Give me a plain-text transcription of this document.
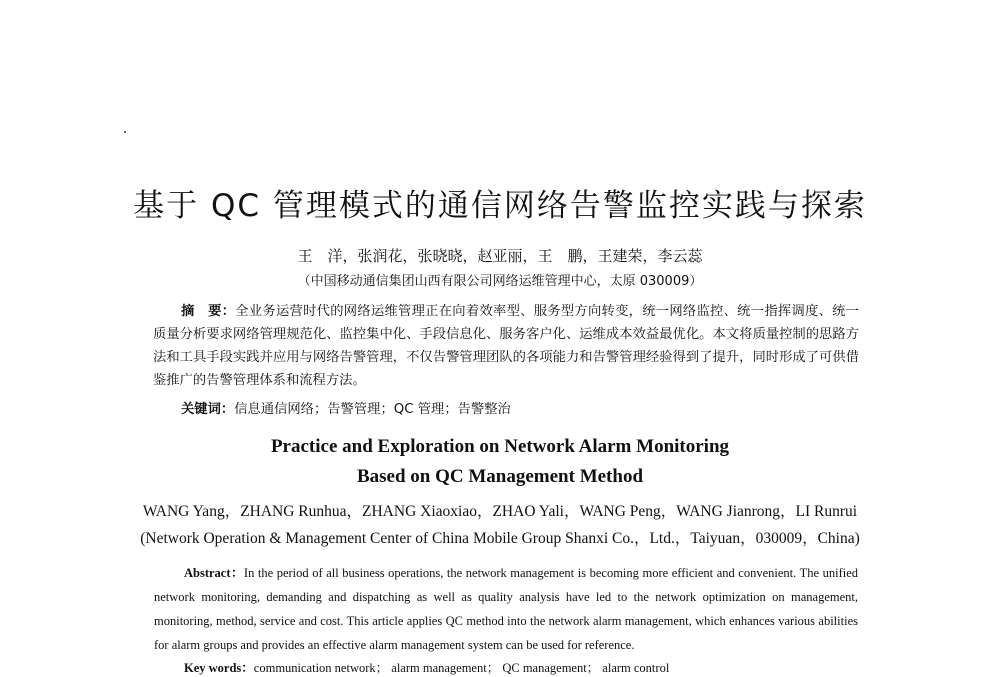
基于 QC 管理模式的通信网络告警监控实践与探索
王　洋，张润花，张晓晓，赵亚丽，王　鹏，王建荣，李云蕊
（中国移动通信集团山西有限公司网络运维管理中心，太原 030009）

摘　要：全业务运营时代的网络运维管理正在向着效率型、服务型方向转变，统一网络监控、统一指挥调度、统一质量分析要求网络管理规范化、监控集中化、手段信息化、服务客户化、运维成本效益最优化。本文将质量控制的思路方法和工具手段实践并应用与网络告警管理，不仅告警管理团队的各项能力和告警管理经验得到了提升，同时形成了可供借鉴推广的告警管理体系和流程方法。

关键词：信息通信网络；告警管理；QC 管理；告警整治
Practice and Exploration on Network Alarm Monitoring
Based on QC Management Method
WANG Yang，ZHANG Runhua，ZHANG Xiaoxiao，ZHAO Yali，WANG Peng，WANG Jianrong，LI Runrui
(Network Operation & Management Center of China Mobile Group Shanxi Co.，Ltd.，Taiyuan，030009，China)

Abstract：In the period of all business operations, the network management is becoming more efficient and convenient. The unified network monitoring, demanding and dispatching as well as quality analysis have led to the network optimization on management, monitoring, method, service and cost. This article applies QC method into the network alarm management, which enhances various abilities for alarm groups and provides an effective alarm management system can be used for reference.

Key words：communication network； alarm management； QC management； alarm control
